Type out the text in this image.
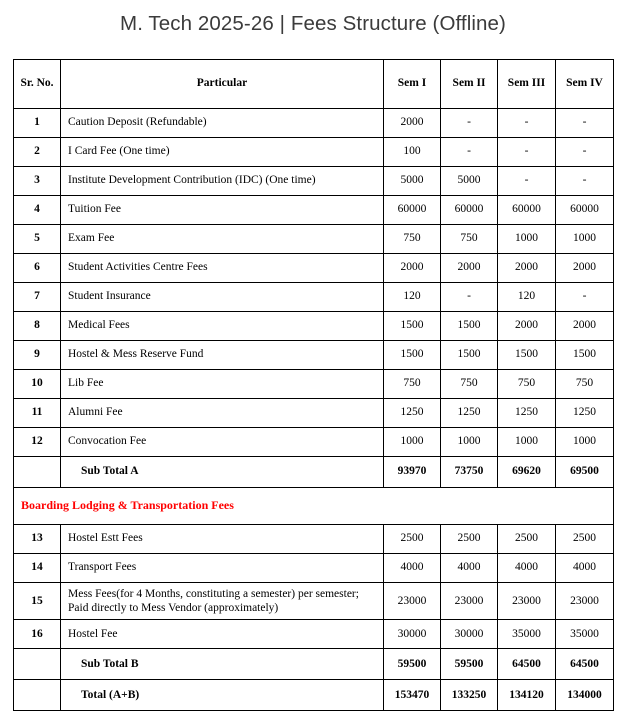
M. Tech 2025-26 | Fees Structure (Offline)
Sr. No.	Particular	Sem I	Sem II	Sem III	Sem IV
1	Caution Deposit (Refundable)	2000	-	-	-
2	I Card Fee (One time)	100	-	-	-
3	Institute Development Contribution (IDC) (One time)	5000	5000	-	-
4	Tuition Fee	60000	60000	60000	60000
5	Exam Fee	750	750	1000	1000
6	Student Activities Centre Fees	2000	2000	2000	2000
7	Student Insurance	120	-	120	-
8	Medical Fees	1500	1500	2000	2000
9	Hostel & Mess Reserve Fund	1500	1500	1500	1500
10	Lib Fee	750	750	750	750
11	Alumni Fee	1250	1250	1250	1250
12	Convocation Fee	1000	1000	1000	1000
	Sub Total A	93970	73750	69620	69500
Boarding Lodging & Transportation Fees					
13	Hostel Estt Fees	2500	2500	2500	2500
14	Transport Fees	4000	4000	4000	4000
15	Mess Fees(for 4 Months, constituting a semester) per semester;
Paid directly to Mess Vendor (approximately)	23000	23000	23000	23000
16	Hostel Fee	30000	30000	35000	35000
	Sub Total B	59500	59500	64500	64500
	Total (A+B)	153470	133250	134120	134000
